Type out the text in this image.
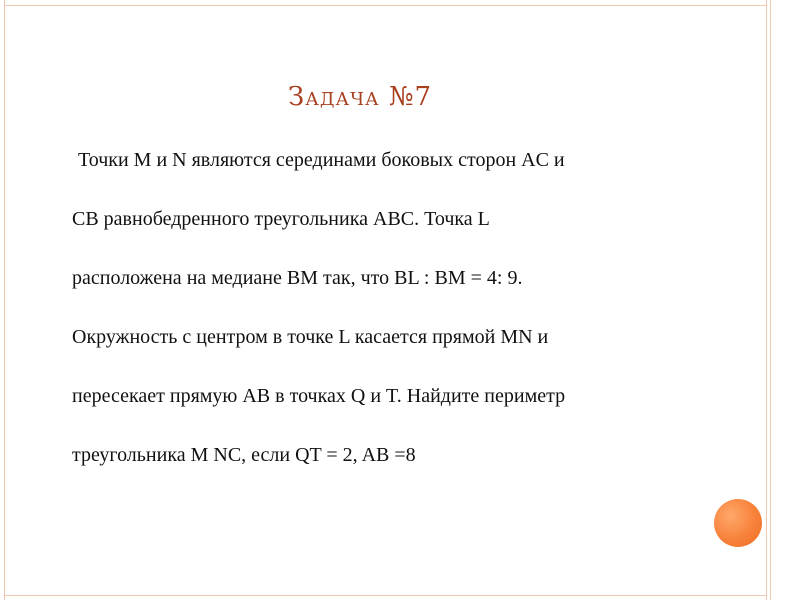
Задача №7
Точки M и N являются серединами боковых сторон AC и
CB равнобедренного треугольника ABC. Точка L
расположена на медиане BM так, что BL : BM = 4: 9.
Окружность с центром в точке L касается прямой MN и
пересекает прямую AB в точках Q и T. Найдите периметр
треугольника M NC, если QT = 2, AB =8
